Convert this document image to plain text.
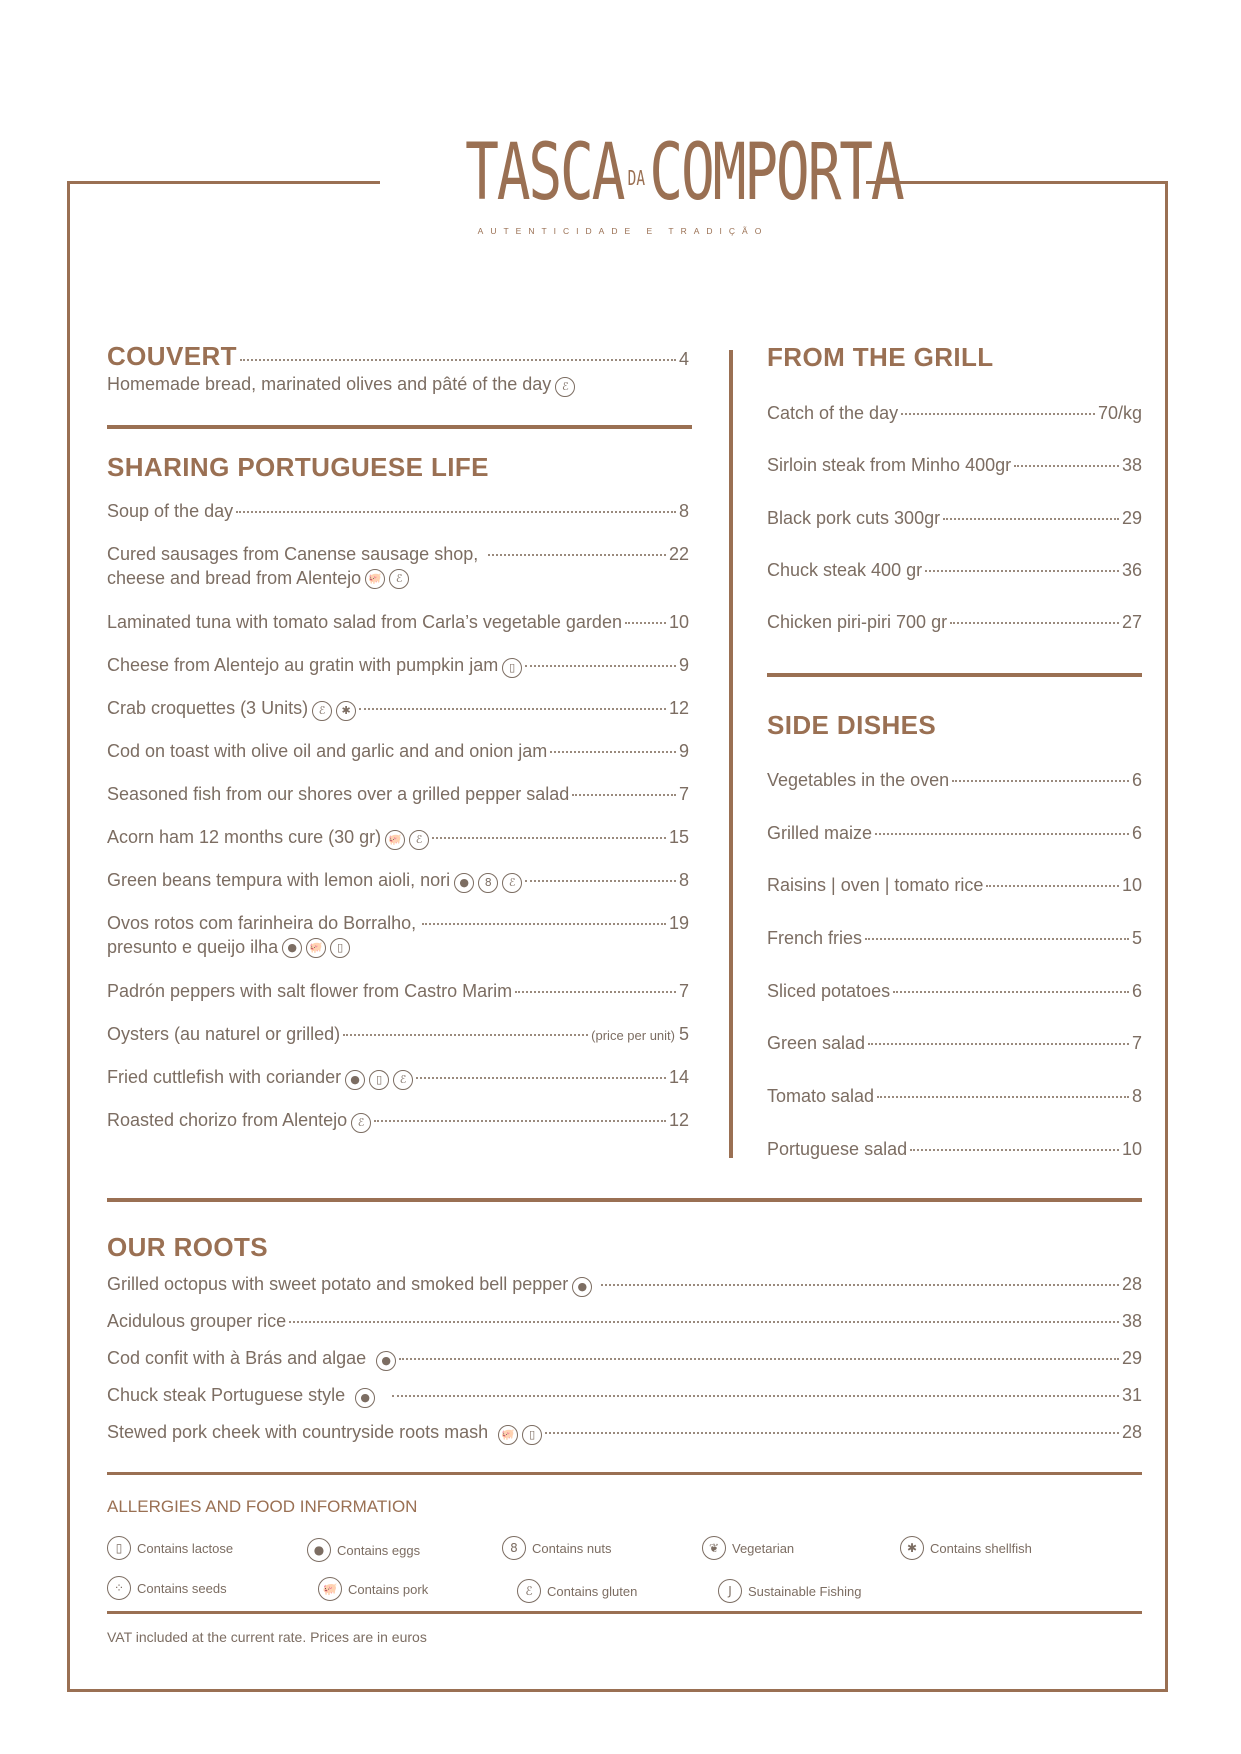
TASCA DACOMPORTA
AUTENTICIDADE E TRADIÇÃO
COUVERT	4
Homemade bread, marinated olives and pâté of the day ℰ
SHARING PORTUGUESE LIFE
Soup of the day	8
Cured sausages from Canense sausage shop,	22
cheese and bread from Alentejo 🐖 ℰ
Laminated tuna with tomato salad from Carla’s vegetable garden	10
Cheese from Alentejo au gratin with pumpkin jam ▯	9
Crab croquettes (3 Units) ℰ	✱	12
Cod on toast with olive oil and garlic and and onion jam	9
Seasoned fish from our shores over a grilled pepper salad	7
Acorn ham 12 months cure (30 gr) 🐖	ℰ	15
Green beans tempura with lemon aioli, nori ●	8	ℰ	8
Ovos rotos com farinheira do Borralho,	19
presunto e queijo ilha ● 🐖 ▯
Padrón peppers with salt flower from Castro Marim	7
Oysters (au naturel or grilled)	(price per unit) 5
Fried cuttlefish with coriander ●	▯	ℰ	14
Roasted chorizo from Alentejo ℰ	12
FROM THE GRILL
Catch of the day	70/kg
Sirloin steak from Minho 400gr	38
Black pork cuts 300gr	29
Chuck steak 400 gr	36
Chicken piri-piri 700 gr	27
SIDE DISHES
Vegetables in the oven	6
Grilled maize	6
Raisins | oven | tomato rice	10
French fries	5
Sliced potatoes	6
Green salad	7
Tomato salad	8
Portuguese salad	10
OUR ROOTS
Grilled octopus with sweet potato and smoked bell pepper ●	28
Acidulous grouper rice	38
Cod confit with à Brás and algae	●	29
Chuck steak Portuguese style	●	31
Stewed pork cheek with countryside roots mash 🐖	▯	28
ALLERGIES AND FOOD INFORMATION
▯	Contains lactose	● Contains eggs	8	Contains nuts	❦ Vegetarian	✱ Contains shellfish
⁘ Contains seeds	🐖 Contains pork	ℰ	Contains gluten	J	Sustainable Fishing
VAT included at the current rate. Prices are in euros
